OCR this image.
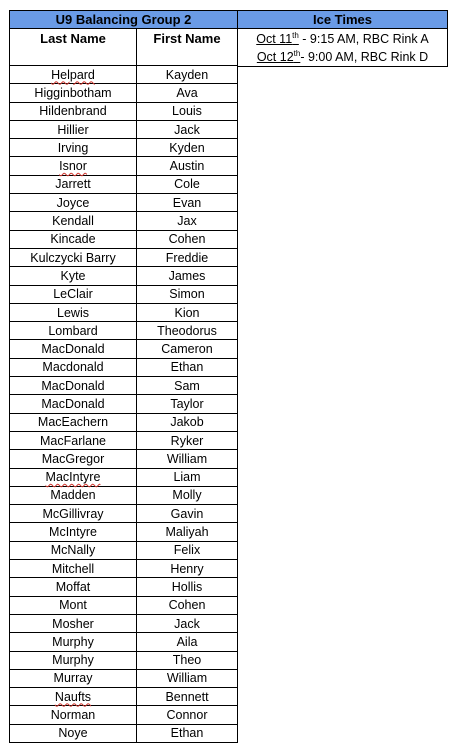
U9 Balancing Group 2	
Last Name	First Name
Helpard	Kayden
Higginbotham	Ava
Hildenbrand	Louis
Hillier	Jack
Irving	Kyden
Isnor	Austin
Jarrett	Cole
Joyce	Evan
Kendall	Jax
Kincade	Cohen
Kulczycki Barry	Freddie
Kyte	James
LeClair	Simon
Lewis	Kion
Lombard	Theodorus
MacDonald	Cameron
Macdonald	Ethan
MacDonald	Sam
MacDonald	Taylor
MacEachern	Jakob
MacFarlane	Ryker
MacGregor	William
MacIntyre	Liam
Madden	Molly
McGillivray	Gavin
McIntyre	Maliyah
McNally	Felix
Mitchell	Henry
Moffat	Hollis
Mont	Cohen
Mosher	Jack
Murphy	Aila
Murphy	Theo
Murray	William
Naufts	Bennett
Norman	Connor
Noye	Ethan
Ice Times

Oct 11th - 9:15 AM, RBC Rink A
Oct 12th- 9:00 AM, RBC Rink D
